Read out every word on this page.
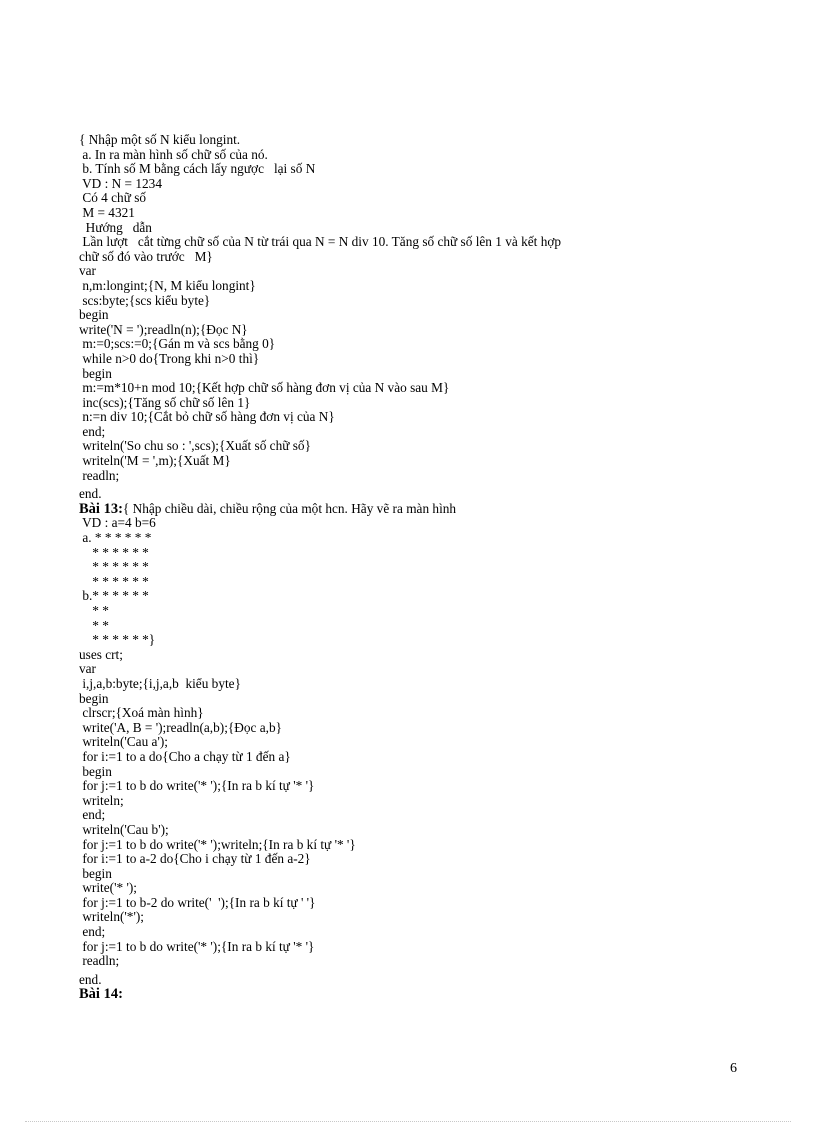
{ Nhập một số N kiểu longint.
a. In ra màn hình số chữ số của nó.
b. Tính số M bằng cách lấy ngược   lại số N
VD : N = 1234
Có 4 chữ số
M = 4321
Hướng   dẫn
Lần lượt   cắt từng chữ số của N từ trái qua N = N div 10. Tăng số chữ số lên 1 và kết hợp
chữ số đó vào trước   M}
var
n,m:longint;{N, M kiểu longint}
scs:byte;{scs kiểu byte}
begin
write('N = ');readln(n);{Đọc N}
m:=0;scs:=0;{Gán m và scs bằng 0}
while n>0 do{Trong khi n>0 thì}
begin
m:=m*10+n mod 10;{Kết hợp chữ số hàng đơn vị của N vào sau M}
inc(scs);{Tăng số chữ số lên 1}
n:=n div 10;{Cắt bỏ chữ số hàng đơn vị của N}
end;
writeln('So chu so : ',scs);{Xuất số chữ số}
writeln('M = ',m);{Xuất M}
readln;
end.
Bài 13:{ Nhập chiều dài, chiều rộng của một hcn. Hãy vẽ ra màn hình
VD : a=4 b=6
a. * * * * * *
* * * * * *
* * * * * *
* * * * * *
b.* * * * * *
* *
* *
* * * * * *}
uses crt;
var
i,j,a,b:byte;{i,j,a,b  kiểu byte}
begin
clrscr;{Xoá màn hình}
write('A, B = ');readln(a,b);{Đọc a,b}
writeln('Cau a');
for i:=1 to a do{Cho a chạy từ 1 đến a}
begin
for j:=1 to b do write('* ');{In ra b kí tự '* '}
writeln;
end;
writeln('Cau b');
for j:=1 to b do write('* ');writeln;{In ra b kí tự '* '}
for i:=1 to a-2 do{Cho i chạy từ 1 đến a-2}
begin
write('* ');
for j:=1 to b-2 do write('  ');{In ra b kí tự ' '}
writeln('*');
end;
for j:=1 to b do write('* ');{In ra b kí tự '* '}
readln;
end.
Bài 14:
6
